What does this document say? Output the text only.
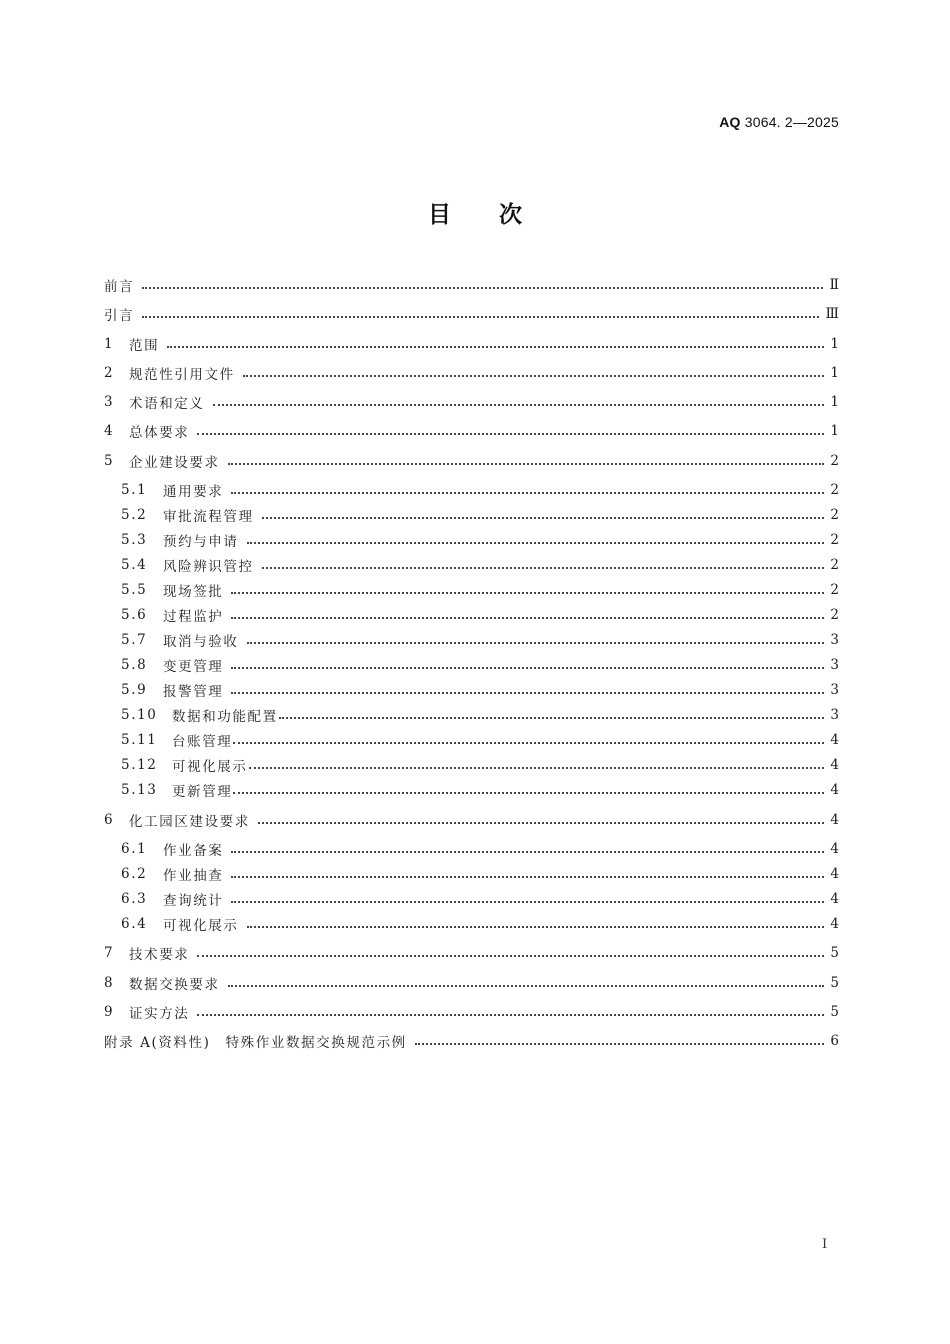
AQ 3064. 2—2025
目次
前言	Ⅱ
引言	Ⅲ
1	范围	1
2	规范性引用文件	1
3	术语和定义	1
4	总体要求	1
5	企业建设要求	2
5.1	通用要求	2
5.2	审批流程管理	2
5.3	预约与申请	2
5.4	风险辨识管控	2
5.5	现场签批	2
5.6	过程监护	2
5.7	取消与验收	3
5.8	变更管理	3
5.9	报警管理	3
5.10	数据和功能配置	3
5.11	台账管理	4
5.12	可视化展示	4
5.13	更新管理	4
6	化工园区建设要求	4
6.1	作业备案	4
6.2	作业抽查	4
6.3	查询统计	4
6.4	可视化展示	4
7	技术要求	5
8	数据交换要求	5
9	证实方法	5
附录 A(资料性)　特殊作业数据交换规范示例	6
Ⅰ
